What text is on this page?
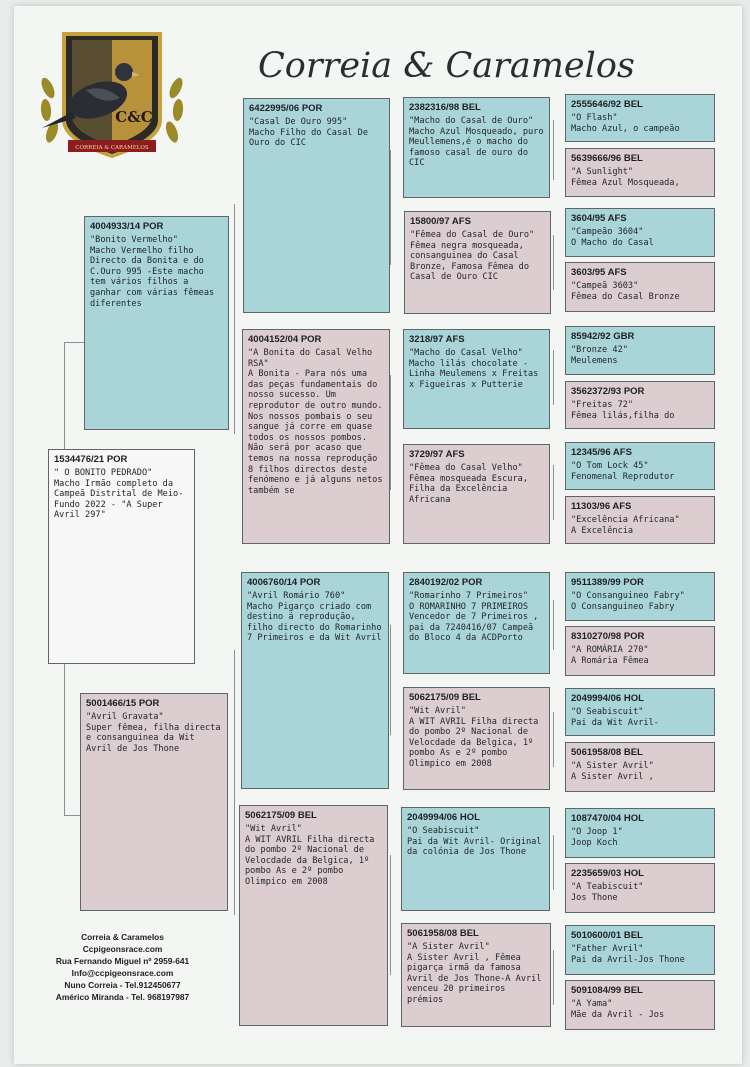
C&C
CORREIA & CARAMELOS
Correia & Caramelos
1534476/21 POR

" O BONITO PEDRADO"
Macho Irmão completo da Campeã Distrital de Meio- Fundo 2022 - "A Super Avril 297"

4004933/14 POR

"Bonito Vermelho"
Macho Vermelho filho Directo da Bonita e do C.Ouro 995 -Este macho tem vários filhos a ganhar com várias fêmeas diferentes

5001466/15 POR

"Avril Gravata"
Super fêmea, filha directa e consanguinea da Wit Avril de Jos Thone

6422995/06 POR

"Casal De Ouro 995"
Macho Filho do Casal De Ouro do CIC

4004152/04 POR

"A Bonita do Casal Velho RSA"
A Bonita - Para nós uma das peças fundamentais do nosso sucesso. Um reprodutor de outro mundo. Nos nossos pombais o seu sangue já corre em quase todos os nossos pombos. Não será por acaso que temos na nossa reprodução 8 filhos directos deste fenómeno e já alguns netos também se

4006760/14 POR

"Avril Romário 760"
Macho Pigarço criado com destino á reprodução, filho directo do Romarinho 7 Primeiros e da Wit Avril

5062175/09 BEL

"Wit Avril"
A WIT AVRIL Filha directa do pombo 2º Nacional de Velocdade da Belgica, 1º pombo As e 2º pombo Olimpico em 2008

2382316/98 BEL

"Macho do Casal de Ouro"
Macho Azul Mosqueado, puro Meullemens,é o macho do famoso casal de ouro do CIC

15800/97 AFS

"Fêmea do Casal de Ouro"
Fêmea negra mosqueada, consanguinea do Casal Bronze, Famosa Fêmea do Casal de Ouro CIC

3218/97 AFS

"Macho do Casal Velho"
Macho lilás chocolate - Linha Meulemens x Freitas x Figueiras x Putterie

3729/97 AFS

"Fêmea do Casal Velho"
Fêmea mosqueada Escura, Filha da Excelência Africana

2840192/02 POR

"Romarinho 7 Primeiros"
O ROMARINHO 7 PRIMEIROS Vencedor de 7 Primeiros , pai da 7240416/07 Campeã do Bloco 4 da ACDPorto

5062175/09 BEL

"Wit Avril"
A WIT AVRIL Filha directa do pombo 2º Nacional de Velocdade da Belgica, 1º pombo As e 2º pombo Olimpico em 2008

2049994/06 HOL

"O Seabiscuit"
Pai da Wit Avril- Original da colónia de Jos Thone

5061958/08 BEL

"A Sister Avril"
A Sister Avril , Fêmea pigarça irmã da famosa Avril de Jos Thone-A Avril venceu 20 primeiros prémios

2555646/92 BEL

"O Flash"
Macho Azul, o campeão

5639666/96 BEL

"A Sunlight"
Fêmea Azul Mosqueada,

3604/95 AFS

"Campeão 3604"
O Macho do Casal

3603/95 AFS

"Campeã 3603"
Fêmea do Casal Bronze

85942/92 GBR

"Bronze 42"
Meulemens

3562372/93 POR

"Freitas 72"
Fêmea lilás,filha do

12345/96 AFS

"O Tom Lock 45"
Fenomenal Reprodutor

11303/96 AFS

"Excelência Africana"
A Excelência

9511389/99 POR

"O Consanguineo Fabry"
O Consanguineo Fabry

8310270/98 POR

"A ROMÁRIA 270"
A Romária Fêmea

2049994/06 HOL

"O Seabiscuit"
Pai da Wit Avril-

5061958/08 BEL

"A Sister Avril"
A Sister Avril ,

1087470/04 HOL

"O Joop 1"
Joop Koch

2235659/03 HOL

"A Teabiscuit"
Jos Thone

5010600/01 BEL

"Father Avril"
Pai da Avril-Jos Thone

5091084/99 BEL

"A Yama"
Mãe da Avril - Jos

Correia & Caramelos
Ccpigeonsrace.com
Rua Fernando Miguel nº 2959-641
Info@ccpigeonsrace.com
Nuno Correia - Tel.912450677
Américo Miranda - Tel. 968197987
